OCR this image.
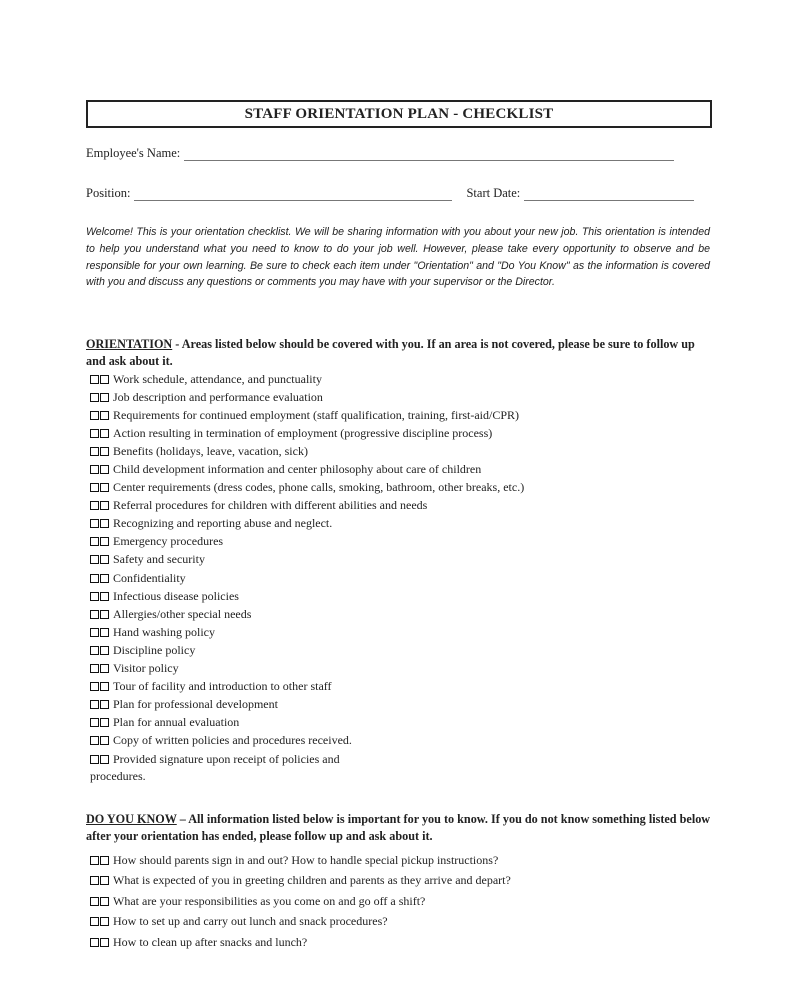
STAFF ORIENTATION PLAN - CHECKLIST
Employee's Name:
Position:	Start Date:
Welcome! This is your orientation checklist. We will be sharing information with you about your new job. This orientation is intended to help you understand what you need to know to do your job well. However, please take every opportunity to observe and be responsible for your own learning. Be sure to check each item under "Orientation" and "Do You Know" as the information is covered with you and discuss any questions or comments you may have with your supervisor or the Director.
ORIENTATION - Areas listed below should be covered with you. If an area is not covered, please be sure to follow up and ask about it.
Work schedule, attendance, and punctuality
Job description and performance evaluation
Requirements for continued employment (staff qualification, training, first-aid/CPR)
Action resulting in termination of employment (progressive discipline process)
Benefits (holidays, leave, vacation, sick)
Child development information and center philosophy about care of children
Center requirements (dress codes, phone calls, smoking, bathroom, other breaks, etc.)
Referral procedures for children with different abilities and needs
Recognizing and reporting abuse and neglect.
Emergency procedures
Safety and security
Confidentiality
Infectious disease policies
Allergies/other special needs
Hand washing policy
Discipline policy
Visitor policy
Tour of facility and introduction to other staff
Plan for professional development
Plan for annual evaluation
Copy of written policies and procedures received.
Provided signature upon receipt of policies and
procedures.
DO YOU KNOW – All information listed below is important for you to know. If you do not know something listed below after your orientation has ended, please follow up and ask about it.
How should parents sign in and out? How to handle special pickup instructions?
What is expected of you in greeting children and parents as they arrive and depart?
What are your responsibilities as you come on and go off a shift?
How to set up and carry out lunch and snack procedures?
How to clean up after snacks and lunch?
